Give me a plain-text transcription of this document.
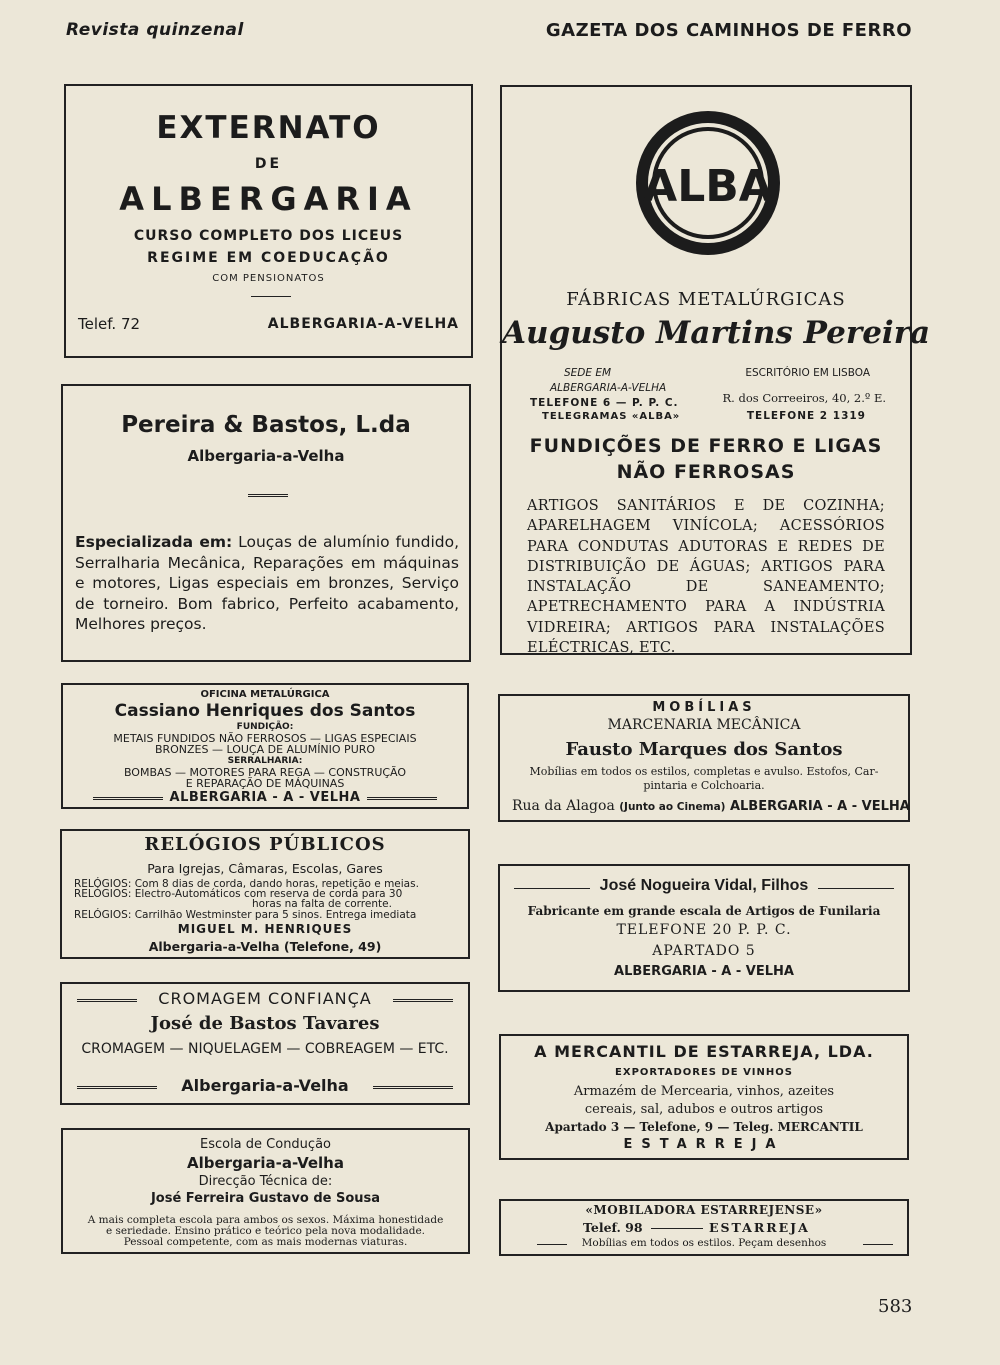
Revista quinzenal	GAZETA DOS CAMINHOS DE FERRO
EXTERNATO
DE
ALBERGARIA
CURSO COMPLETO DOS LICEUS
REGIME EM COEDUCAÇÃO
COM PENSIONATOS
Telef. 72	ALBERGARIA-A-VELHA
Pereira & Bastos, L.da
Albergaria-a-Velha
Especializada em: Louças de alumínio fundido, Serralharia Mecânica, Reparações em máquinas e motores, Ligas especiais em bronzes, Serviço de torneiro. Bom fabrico, Perfeito acabamento, Melhores preços.
OFICINA METALÚRGICA
Cassiano Henriques dos Santos
FUNDIÇÃO:
METAIS FUNDIDOS NÃO FERROSOS — LIGAS ESPECIAIS
BRONZES — LOUÇA DE ALUMÍNIO PURO
SERRALHARIA:
BOMBAS — MOTORES PARA REGA — CONSTRUÇÃO
E REPARAÇÃO DE MÁQUINAS
ALBERGARIA - A - VELHA
RELÓGIOS PÚBLICOS
Para Igrejas, Câmaras, Escolas, Gares
RELÓGIOS: Com 8 dias de corda, dando horas, repetição e meias.
RELÓGIOS: Electro-Automáticos com reserva de corda para 30
horas na falta de corrente.
RELÓGIOS: Carrilhão Westminster para 5 sinos. Entrega imediata
MIGUEL M. HENRIQUES
Albergaria-a-Velha (Telefone, 49)
CROMAGEM CONFIANÇA
José de Bastos Tavares
CROMAGEM — NIQUELAGEM — COBREAGEM — ETC.
Albergaria-a-Velha
Escola de Condução
Albergaria-a-Velha
Direcção Técnica de:
José Ferreira Gustavo de Sousa
A mais completa escola para ambos os sexos. Máxima honestidade
e seriedade. Ensino prático e teórico pela nova modalidade.
Pessoal competente, com as mais modernas viaturas.
ALBA
FÁBRICAS METALÚRGICAS
Augusto Martins Pereira
SEDE EM
ALBERGARIA-A-VELHA
TELEFONE 6 — P. P. C.
TELEGRAMAS «ALBA»
ESCRITÓRIO EM LISBOA
R. dos Correeiros, 40, 2.º E.
TELEFONE 2 1319
FUNDIÇÕES DE FERRO E LIGAS
NÃO FERROSAS
ARTIGOS SANITÁRIOS E DE COZINHA; APARELHAGEM VINÍCOLA; ACESSÓRIOS PARA CONDUTAS ADUTORAS E REDES DE DISTRIBUIÇÃO DE ÁGUAS; ARTIGOS PARA INSTALAÇÃO DE SANEAMENTO; APETRECHAMENTO PARA A INDÚSTRIA VIDREIRA; ARTIGOS PARA INSTALAÇÕES ELÉCTRICAS, ETC.
MOBÍLIAS
MARCENARIA MECÂNICA
Fausto Marques dos Santos
Mobílias em todos os estilos, completas e avulso. Estofos, Car-
pintaria e Colchoaria.
Rua da Alagoa (Junto ao Cinema) ALBERGARIA - A - VELHA
José Nogueira Vidal, Filhos
Fabricante em grande escala de Artigos de Funilaria
TELEFONE 20 P. P. C.
APARTADO 5
ALBERGARIA - A - VELHA
A MERCANTIL DE ESTARREJA, LDA.
EXPORTADORES DE VINHOS
Armazém de Mercearia, vinhos, azeites
cereais, sal, adubos e outros artigos
Apartado 3 — Telefone, 9 — Teleg. MERCANTIL
ESTARREJA
«MOBILADORA ESTARREJENSE»
Telef. 98	ESTARREJA
Mobílias em todos os estilos. Peçam desenhos
583
